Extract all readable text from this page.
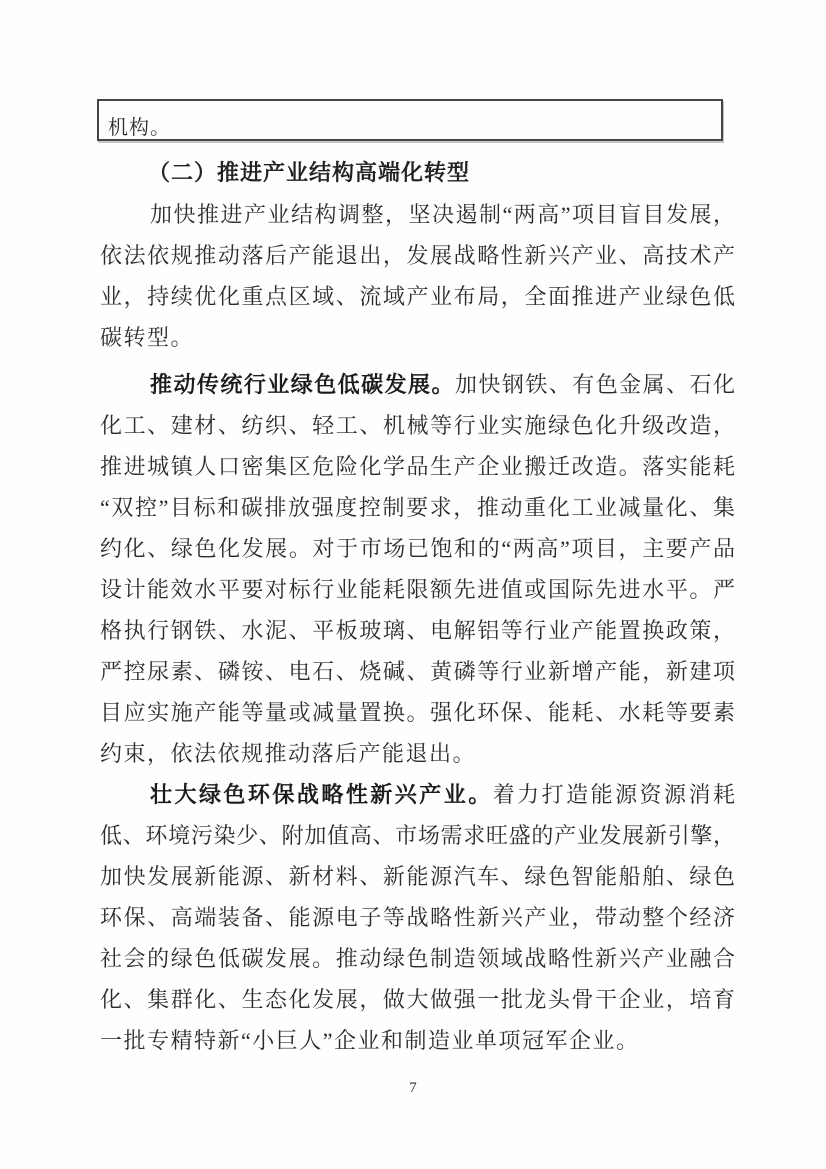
机构。
（二）推进产业结构高端化转型
加快推进产业结构调整，坚决遏制“两高”项目盲目发展，
依法依规推动落后产能退出，发展战略性新兴产业、高技术产
业，持续优化重点区域、流域产业布局，全面推进产业绿色低
碳转型。
推动传统行业绿色低碳发展。加快钢铁、有色金属、石化
化工、建材、纺织、轻工、机械等行业实施绿色化升级改造，
推进城镇人口密集区危险化学品生产企业搬迁改造。落实能耗
“双控”目标和碳排放强度控制要求，推动重化工业减量化、集
约化、绿色化发展。对于市场已饱和的“两高”项目，主要产品
设计能效水平要对标行业能耗限额先进值或国际先进水平。严
格执行钢铁、水泥、平板玻璃、电解铝等行业产能置换政策，
严控尿素、磷铵、电石、烧碱、黄磷等行业新增产能，新建项
目应实施产能等量或减量置换。强化环保、能耗、水耗等要素
约束，依法依规推动落后产能退出。
壮大绿色环保战略性新兴产业。着力打造能源资源消耗
低、环境污染少、附加值高、市场需求旺盛的产业发展新引擎，
加快发展新能源、新材料、新能源汽车、绿色智能船舶、绿色
环保、高端装备、能源电子等战略性新兴产业，带动整个经济
社会的绿色低碳发展。推动绿色制造领域战略性新兴产业融合
化、集群化、生态化发展，做大做强一批龙头骨干企业，培育
一批专精特新“小巨人”企业和制造业单项冠军企业。
7
